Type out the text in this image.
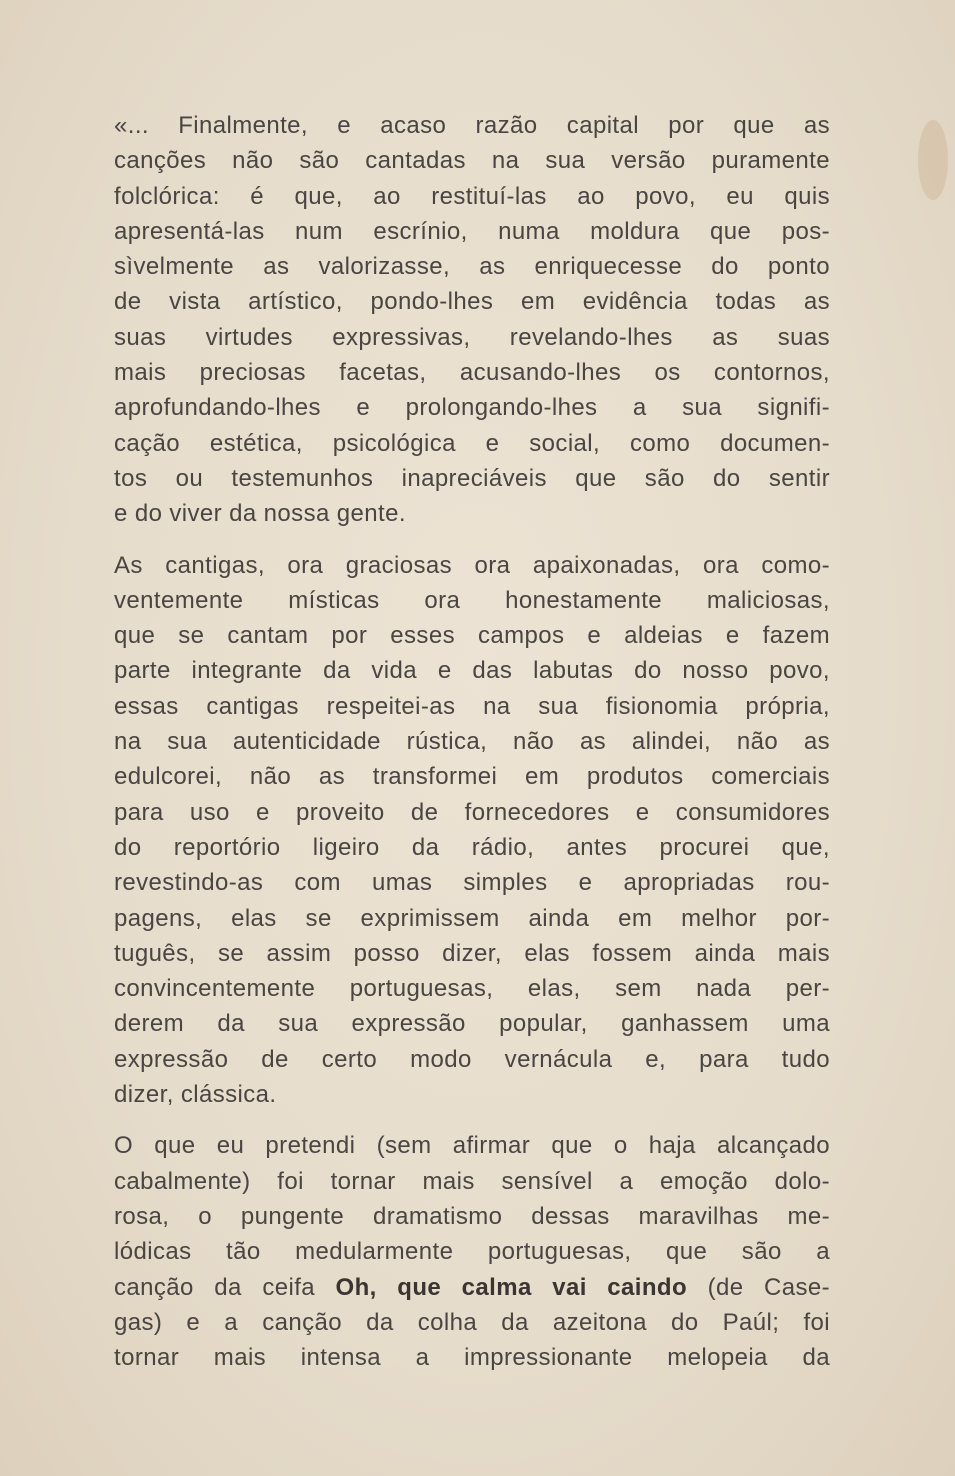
«... Finalmente, e acaso razão capital por que as
canções não são cantadas na sua versão puramente
folclórica: é que, ao restituí-las ao povo, eu quis
apresentá-las num escrínio, numa moldura que pos-
sìvelmente as valorizasse, as enriquecesse do ponto
de vista artístico, pondo-lhes em evidência todas as
suas virtudes expressivas, revelando-lhes as suas
mais preciosas facetas, acusando-lhes os contornos,
aprofundando-lhes e prolongando-lhes a sua signifi-
cação estética, psicológica e social, como documen-
tos ou testemunhos inapreciáveis que são do sentir
e do viver da nossa gente.
As cantigas, ora graciosas ora apaixonadas, ora como-
ventemente místicas ora honestamente maliciosas,
que se cantam por esses campos e aldeias e fazem
parte integrante da vida e das labutas do nosso povo,
essas cantigas respeitei-as na sua fisionomia própria,
na sua autenticidade rústica, não as alindei, não as
edulcorei, não as transformei em produtos comerciais
para uso e proveito de fornecedores e consumidores
do reportório ligeiro da rádio, antes procurei que,
revestindo-as com umas simples e apropriadas rou-
pagens, elas se exprimissem ainda em melhor por-
tuguês, se assim posso dizer, elas fossem ainda mais
convincentemente portuguesas, elas, sem nada per-
derem da sua expressão popular, ganhassem uma
expressão de certo modo vernácula e, para tudo
dizer, clássica.
O que eu pretendi (sem afirmar que o haja alcançado
cabalmente) foi tornar mais sensível a emoção dolo-
rosa, o pungente dramatismo dessas maravilhas me-
lódicas tão medularmente portuguesas, que são a
canção da ceifa Oh, que calma vai caindo (de Case-
gas) e a canção da colha da azeitona do Paúl; foi
tornar mais intensa a impressionante melopeia da
